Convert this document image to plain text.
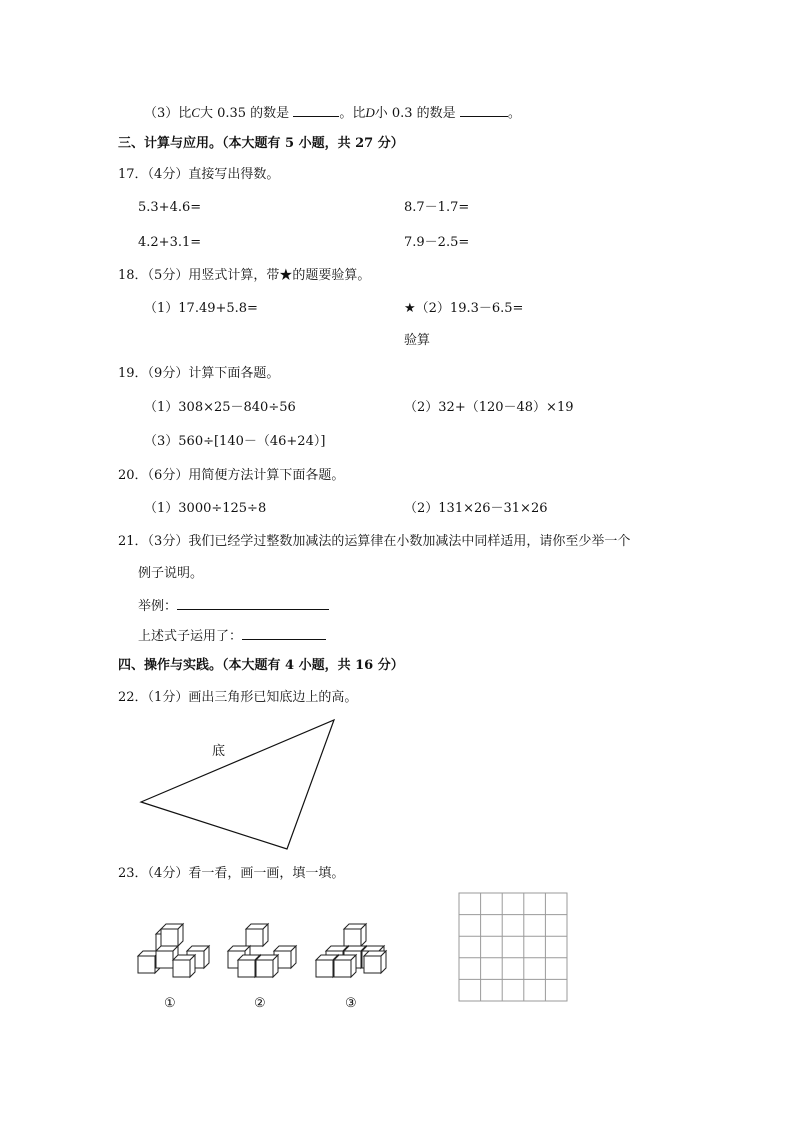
（3）比C大 0.35 的数是	。比D小 0.3 的数是	。
三、计算与应用。（本大题有 5 小题，共 27 分）
17．（4分）直接写出得数。
5.3+4.6=	8.7－1.7=
4.2+3.1=	7.9－2.5=
18．（5分）用竖式计算，带★的题要验算。
（1）17.49+5.8=	★（2）19.3－6.5=
验算
19．（9分）计算下面各题。
（1）308×25－840÷56	（2）32+（120－48）×19
（3）560÷[140－（46+24）]
20．（6分）用简便方法计算下面各题。
（1）3000÷125÷8	（2）131×26－31×26
21．（3分）我们已经学过整数加减法的运算律在小数加减法中同样适用，请你至少举一个
例子说明。
举例：
上述式子运用了：
四、操作与实践。（本大题有 4 小题，共 16 分）
22．（1分）画出三角形已知底边上的高。
底
23．（4分）看一看，画一画，填一填。
①	②	③
